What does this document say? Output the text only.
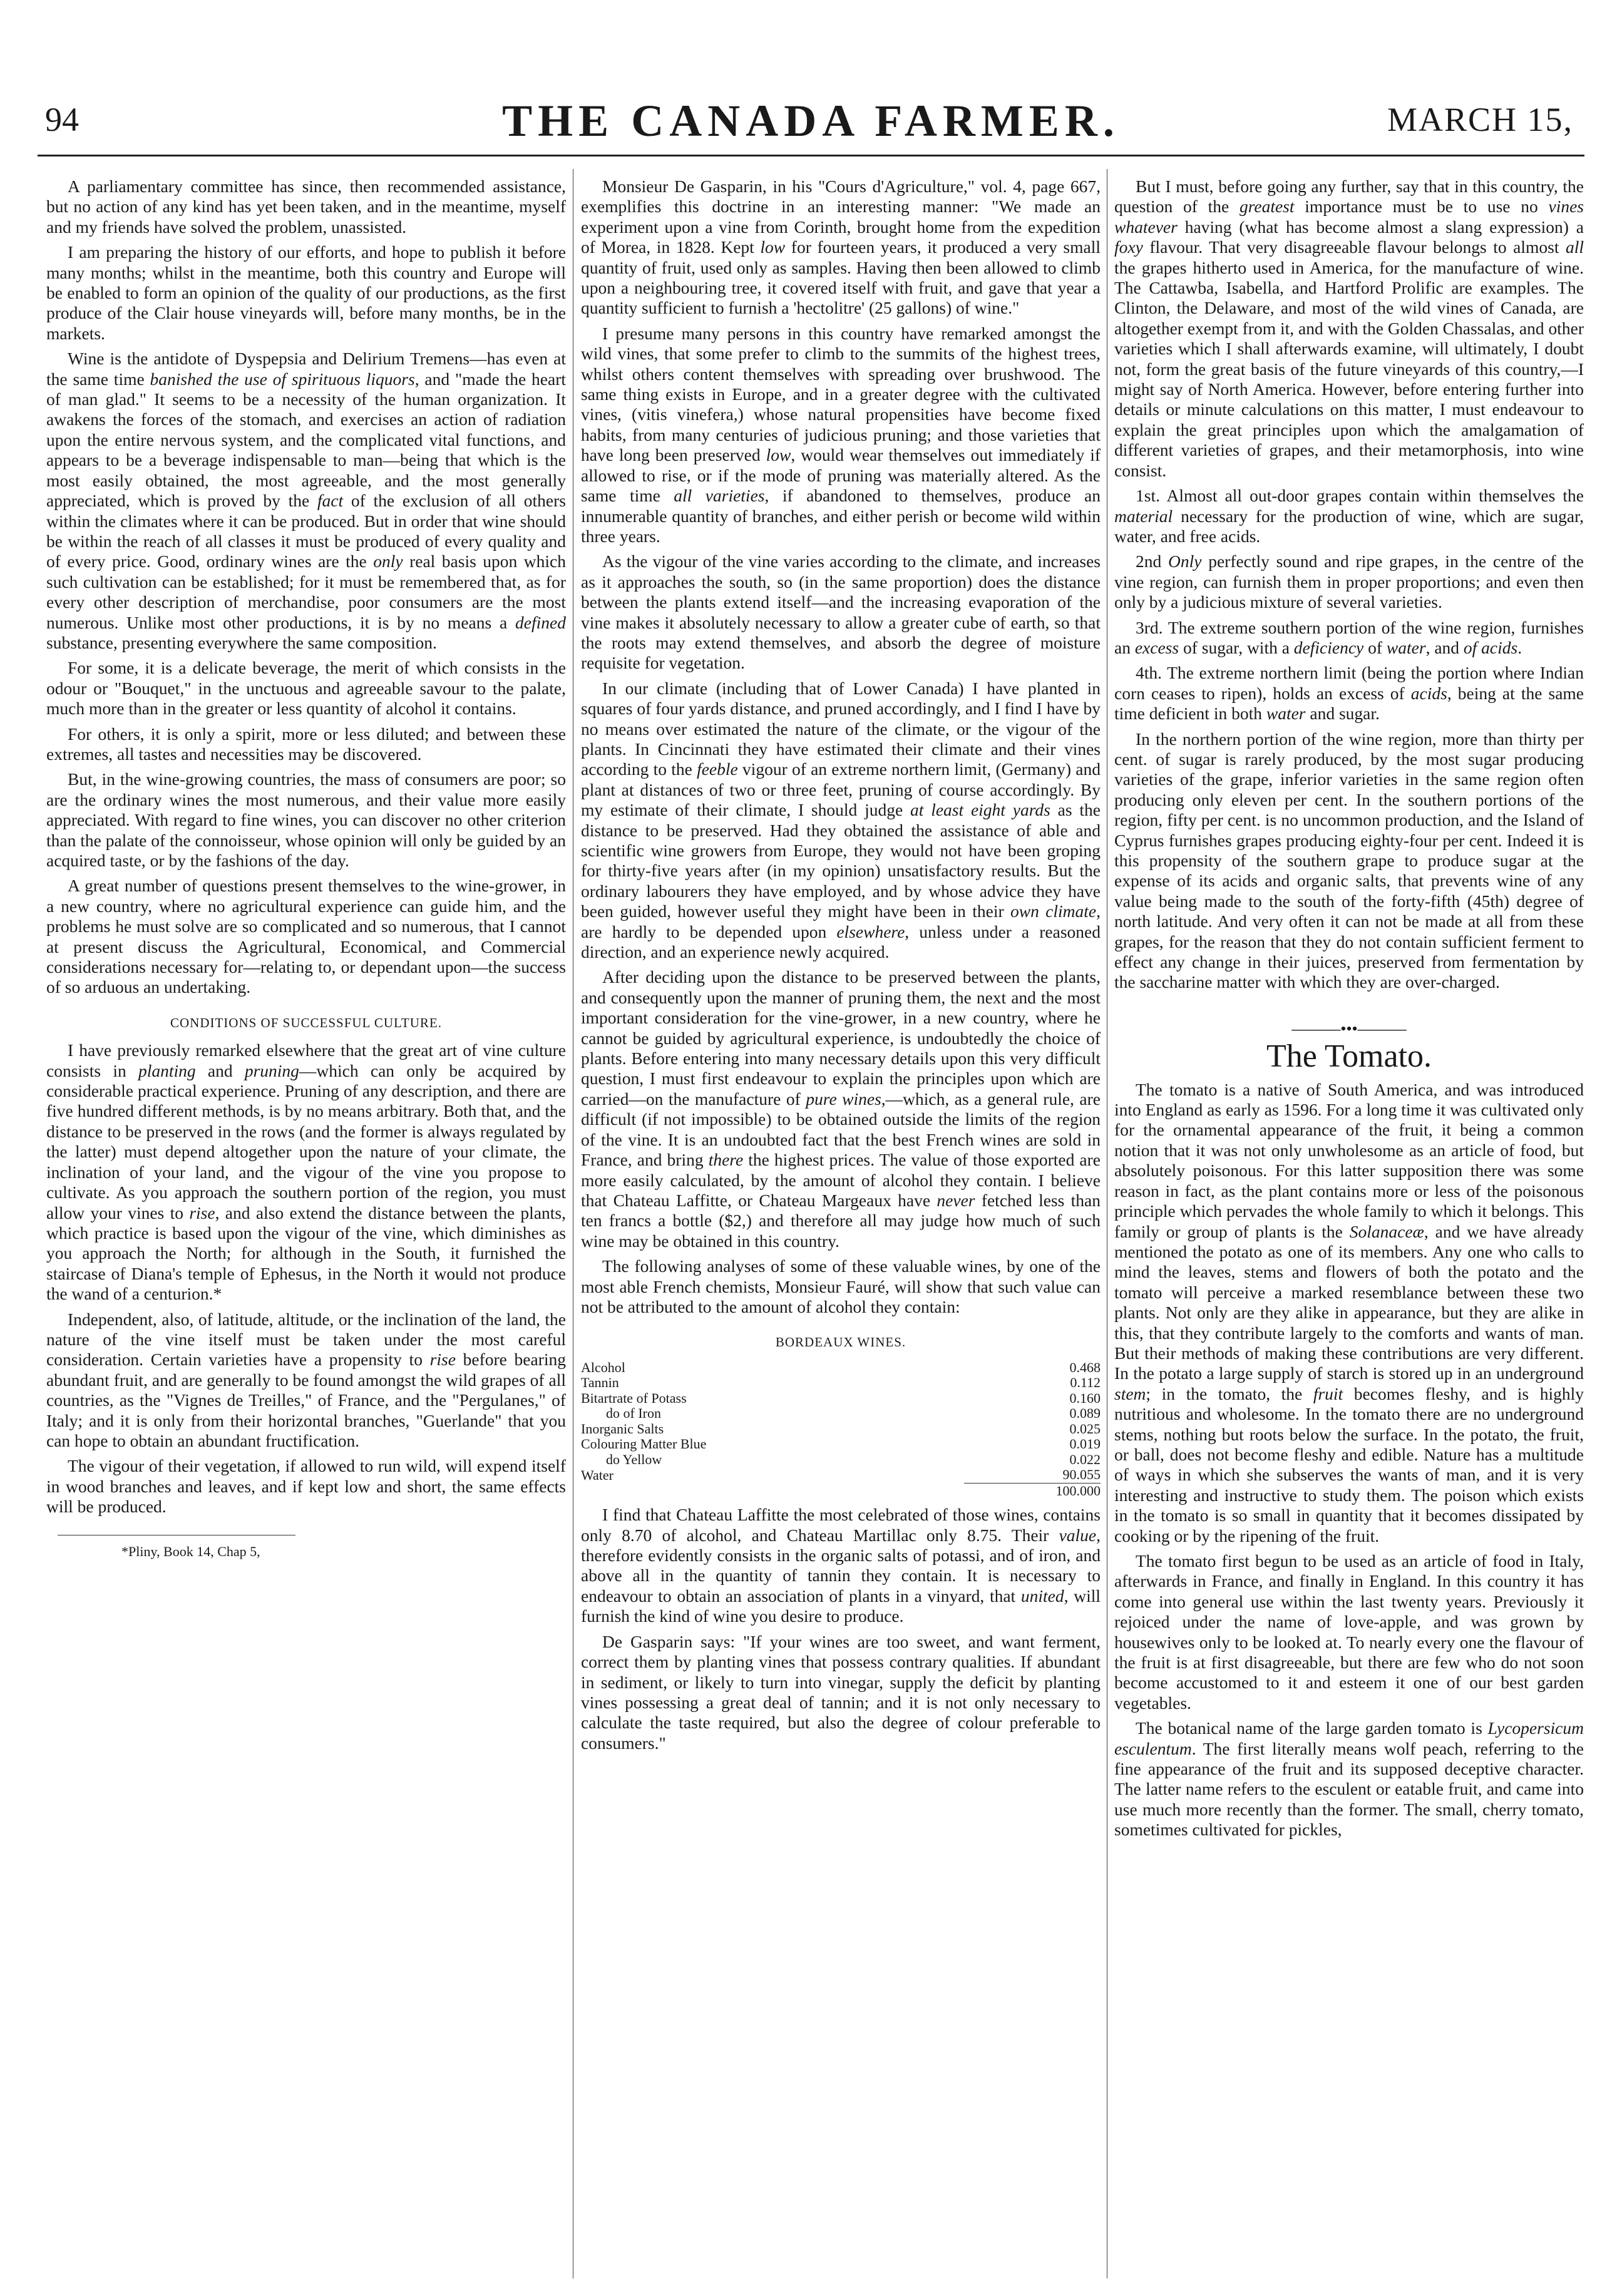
94	THE CANADA FARMER.	MARCH 15,

A parliamentary committee has since, then recommended assistance, but no action of any kind has yet been taken, and in the meantime, myself and my friends have solved the problem, unassisted.

I am preparing the history of our efforts, and hope to publish it before many months; whilst in the meantime, both this country and Europe will be enabled to form an opinion of the quality of our productions, as the first produce of the Clair house vineyards will, before many months, be in the markets.

Wine is the antidote of Dyspepsia and Delirium Tremens—has even at the same time banished the use of spirituous liquors, and "made the heart of man glad." It seems to be a necessity of the human organization. It awakens the forces of the stomach, and exercises an action of radiation upon the entire nervous system, and the complicated vital functions, and appears to be a beverage indispensable to man—being that which is the most easily obtained, the most agreeable, and the most generally appreciated, which is proved by the fact of the exclusion of all others within the climates where it can be produced. But in order that wine should be within the reach of all classes it must be produced of every quality and of every price. Good, ordinary wines are the only real basis upon which such cultivation can be established; for it must be remembered that, as for every other description of merchandise, poor consumers are the most numerous. Unlike most other productions, it is by no means a defined substance, presenting everywhere the same composition.

For some, it is a delicate beverage, the merit of which consists in the odour or "Bouquet," in the unctuous and agreeable savour to the palate, much more than in the greater or less quantity of alcohol it contains.

For others, it is only a spirit, more or less diluted; and between these extremes, all tastes and necessities may be discovered.

But, in the wine-growing countries, the mass of consumers are poor; so are the ordinary wines the most numerous, and their value more easily appreciated. With regard to fine wines, you can discover no other criterion than the palate of the connoisseur, whose opinion will only be guided by an acquired taste, or by the fashions of the day.

A great number of questions present themselves to the wine-grower, in a new country, where no agricultural experience can guide him, and the problems he must solve are so complicated and so numerous, that I cannot at present discuss the Agricultural, Economical, and Commercial considerations necessary for—relating to, or dependant upon—the success of so arduous an undertaking.

CONDITIONS OF SUCCESSFUL CULTURE.

I have previously remarked elsewhere that the great art of vine culture consists in planting and pruning—which can only be acquired by considerable practical experience. Pruning of any description, and there are five hundred different methods, is by no means arbitrary. Both that, and the distance to be preserved in the rows (and the former is always regulated by the latter) must depend altogether upon the nature of your climate, the inclination of your land, and the vigour of the vine you propose to cultivate. As you approach the southern portion of the region, you must allow your vines to rise, and also extend the distance between the plants, which practice is based upon the vigour of the vine, which diminishes as you approach the North; for although in the South, it furnished the staircase of Diana's temple of Ephesus, in the North it would not produce the wand of a centurion.*

Independent, also, of latitude, altitude, or the inclination of the land, the nature of the vine itself must be taken under the most careful consideration. Certain varieties have a propensity to rise before bearing abundant fruit, and are generally to be found amongst the wild grapes of all countries, as the "Vignes de Treilles," of France, and the "Pergulanes," of Italy; and it is only from their horizontal branches, "Guerlande" that you can hope to obtain an abundant fructification.

The vigour of their vegetation, if allowed to run wild, will expend itself in wood branches and leaves, and if kept low and short, the same effects will be produced.

*Pliny, Book 14, Chap 5,

Monsieur De Gasparin, in his "Cours d'Agriculture," vol. 4, page 667, exemplifies this doctrine in an interesting manner: "We made an experiment upon a vine from Corinth, brought home from the expedition of Morea, in 1828. Kept low for fourteen years, it produced a very small quantity of fruit, used only as samples. Having then been allowed to climb upon a neighbouring tree, it covered itself with fruit, and gave that year a quantity sufficient to furnish a 'hectolitre' (25 gallons) of wine."

I presume many persons in this country have remarked amongst the wild vines, that some prefer to climb to the summits of the highest trees, whilst others content themselves with spreading over brushwood. The same thing exists in Europe, and in a greater degree with the cultivated vines, (vitis vinefera,) whose natural propensities have become fixed habits, from many centuries of judicious pruning; and those varieties that have long been preserved low, would wear themselves out immediately if allowed to rise, or if the mode of pruning was materially altered. As the same time all varieties, if abandoned to themselves, produce an innumerable quantity of branches, and either perish or become wild within three years.

As the vigour of the vine varies according to the climate, and increases as it approaches the south, so (in the same proportion) does the distance between the plants extend itself—and the increasing evaporation of the vine makes it absolutely necessary to allow a greater cube of earth, so that the roots may extend themselves, and absorb the degree of moisture requisite for vegetation.

In our climate (including that of Lower Canada) I have planted in squares of four yards distance, and pruned accordingly, and I find I have by no means over estimated the nature of the climate, or the vigour of the plants. In Cincinnati they have estimated their climate and their vines according to the feeble vigour of an extreme northern limit, (Germany) and plant at distances of two or three feet, pruning of course accordingly. By my estimate of their climate, I should judge at least eight yards as the distance to be preserved. Had they obtained the assistance of able and scientific wine growers from Europe, they would not have been groping for thirty-five years after (in my opinion) unsatisfactory results. But the ordinary labourers they have employed, and by whose advice they have been guided, however useful they might have been in their own climate, are hardly to be depended upon elsewhere, unless under a reasoned direction, and an experience newly acquired.

After deciding upon the distance to be preserved between the plants, and consequently upon the manner of pruning them, the next and the most important consideration for the vine-grower, in a new country, where he cannot be guided by agricultural experience, is undoubtedly the choice of plants. Before entering into many necessary details upon this very difficult question, I must first endeavour to explain the principles upon which are carried—on the manufacture of pure wines,—which, as a general rule, are difficult (if not impossible) to be obtained outside the limits of the region of the vine. It is an undoubted fact that the best French wines are sold in France, and bring there the highest prices. The value of those exported are more easily calculated, by the amount of alcohol they contain. I believe that Chateau Laffitte, or Chateau Margeaux have never fetched less than ten francs a bottle ($2,) and therefore all may judge how much of such wine may be obtained in this country.

The following analyses of some of these valuable wines, by one of the most able French chemists, Monsieur Fauré, will show that such value can not be attributed to the amount of alcohol they contain:

BORDEAUX WINES.

Alcohol	0.468
Tannin	0.112
Bitartrate of Potass	0.160
do of Iron	0.089
Inorganic Salts	0.025
Colouring Matter Blue	0.019
do Yellow	0.022
Water	90.055
	100.000

I find that Chateau Laffitte the most celebrated of those wines, contains only 8.70 of alcohol, and Chateau Martillac only 8.75. Their value, therefore evidently consists in the organic salts of potassi, and of iron, and above all in the quantity of tannin they contain. It is necessary to endeavour to obtain an association of plants in a vinyard, that united, will furnish the kind of wine you desire to produce.

De Gasparin says: "If your wines are too sweet, and want ferment, correct them by planting vines that possess contrary qualities. If abundant in sediment, or likely to turn into vinegar, supply the deficit by planting vines possessing a great deal of tannin; and it is not only necessary to calculate the taste required, but also the degree of colour preferable to consumers."

But I must, before going any further, say that in this country, the question of the greatest importance must be to use no vines whatever having (what has become almost a slang expression) a foxy flavour. That very disagreeable flavour belongs to almost all the grapes hitherto used in America, for the manufacture of wine. The Cattawba, Isabella, and Hartford Prolific are examples. The Clinton, the Delaware, and most of the wild vines of Canada, are altogether exempt from it, and with the Golden Chassalas, and other varieties which I shall afterwards examine, will ultimately, I doubt not, form the great basis of the future vineyards of this country,—I might say of North America. However, before entering further into details or minute calculations on this matter, I must endeavour to explain the great principles upon which the amalgamation of different varieties of grapes, and their metamorphosis, into wine consist.

1st. Almost all out-door grapes contain within themselves the material necessary for the production of wine, which are sugar, water, and free acids.

2nd Only perfectly sound and ripe grapes, in the centre of the vine region, can furnish them in proper proportions; and even then only by a judicious mixture of several varieties.

3rd. The extreme southern portion of the wine region, furnishes an excess of sugar, with a deficiency of water, and of acids.

4th. The extreme northern limit (being the portion where Indian corn ceases to ripen), holds an excess of acids, being at the same time deficient in both water and sugar.

In the northern portion of the wine region, more than thirty per cent. of sugar is rarely produced, by the most sugar producing varieties of the grape, inferior varieties in the same region often producing only eleven per cent. In the southern portions of the region, fifty per cent. is no uncommon production, and the Island of Cyprus furnishes grapes producing eighty-four per cent. Indeed it is this propensity of the southern grape to produce sugar at the expense of its acids and organic salts, that prevents wine of any value being made to the south of the forty-fifth (45th) degree of north latitude. And very often it can not be made at all from these grapes, for the reason that they do not contain sufficient ferment to effect any change in their juices, preserved from fermentation by the saccharine matter with which they are over-charged.

———•••———

The Tomato.

The tomato is a native of South America, and was introduced into England as early as 1596. For a long time it was cultivated only for the ornamental appearance of the fruit, it being a common notion that it was not only unwholesome as an article of food, but absolutely poisonous. For this latter supposition there was some reason in fact, as the plant contains more or less of the poisonous principle which pervades the whole family to which it belongs. This family or group of plants is the Solanaceæ, and we have already mentioned the potato as one of its members. Any one who calls to mind the leaves, stems and flowers of both the potato and the tomato will perceive a marked resemblance between these two plants. Not only are they alike in appearance, but they are alike in this, that they contribute largely to the comforts and wants of man. But their methods of making these contributions are very different. In the potato a large supply of starch is stored up in an underground stem; in the tomato, the fruit becomes fleshy, and is highly nutritious and wholesome. In the tomato there are no underground stems, nothing but roots below the surface. In the potato, the fruit, or ball, does not become fleshy and edible. Nature has a multitude of ways in which she subserves the wants of man, and it is very interesting and instructive to study them. The poison which exists in the tomato is so small in quantity that it becomes dissipated by cooking or by the ripening of the fruit.

The tomato first begun to be used as an article of food in Italy, afterwards in France, and finally in England. In this country it has come into general use within the last twenty years. Previously it rejoiced under the name of love-apple, and was grown by housewives only to be looked at. To nearly every one the flavour of the fruit is at first disagreeable, but there are few who do not soon become accustomed to it and esteem it one of our best garden vegetables.

The botanical name of the large garden tomato is Lycopersicum esculentum. The first literally means wolf peach, referring to the fine appearance of the fruit and its supposed deceptive character. The latter name refers to the esculent or eatable fruit, and came into use much more recently than the former. The small, cherry tomato, sometimes cultivated for pickles,
